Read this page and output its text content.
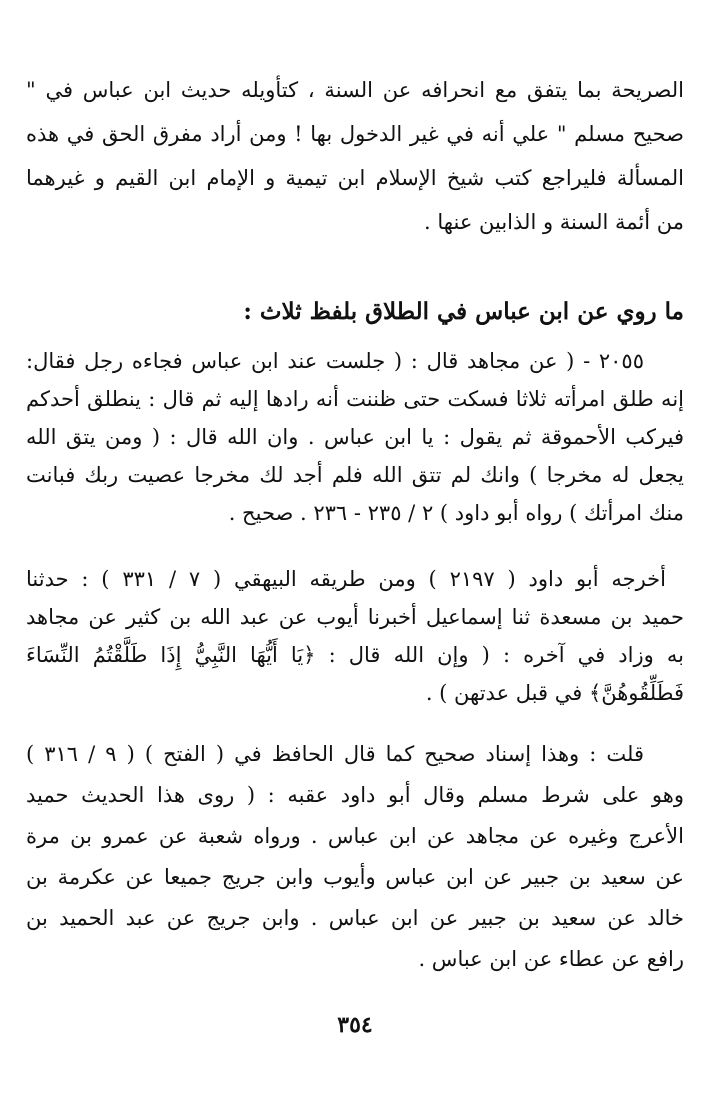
الصريحة بما يتفق مع انحرافه عن السنة ، كتأويله حديث ابن عباس في "
صحيح مسلم " علي أنه في غير الدخول بها ! ومن أراد مفرق الحق في هذه
المسألة فليراجع كتب شيخ الإسلام ابن تيمية و الإمام ابن القيم و غيرهما
من أئمة السنة و الذابين عنها .
ما روي عن ابن عباس في الطلاق بلفظ ثلاث :
٢٠٥٥ - ( عن مجاهد قال : ( جلست عند ابن عباس فجاءه رجل فقال:
إنه طلق امرأته ثلاثا فسكت حتى ظننت أنه رادها إليه ثم قال : ينطلق أحدكم
فيركب الأحموقة ثم يقول : يا ابن عباس . وان الله قال : ( ومن يتق الله
يجعل له مخرجا ) وانك لم تتق الله فلم أجد لك مخرجا عصيت ربك فبانت
منك امرأتك ) رواه أبو داود ) ٢ / ٢٣٥ - ٢٣٦ . صحيح .
أخرجه أبو داود ( ٢١٩٧ ) ومن طريقه البيهقي ( ٧ / ٣٣١ ) : حدثنا
حميد بن مسعدة ثنا إسماعيل أخبرنا أيوب عن عبد الله بن كثير عن مجاهد
به وزاد في آخره : ( وإن الله قال : ﴿يَا أَيُّهَا النَّبِيُّ إِذَا طَلَّقْتُمُ النِّسَاءَ
فَطَلِّقُوهُنَّ﴾ في قبل عدتهن ) .
قلت : وهذا إسناد صحيح كما قال الحافظ في ( الفتح ) ( ٩ / ٣١٦ )
وهو على شرط مسلم وقال أبو داود عقبه : ( روى هذا الحديث حميد
الأعرج وغيره عن مجاهد عن ابن عباس . ورواه شعبة عن عمرو بن مرة
عن سعيد بن جبير عن ابن عباس وأيوب وابن جريج جميعا عن عكرمة بن
خالد عن سعيد بن جبير عن ابن عباس . وابن جريج عن عبد الحميد بن
رافع عن عطاء عن ابن عباس .
٣٥٤
